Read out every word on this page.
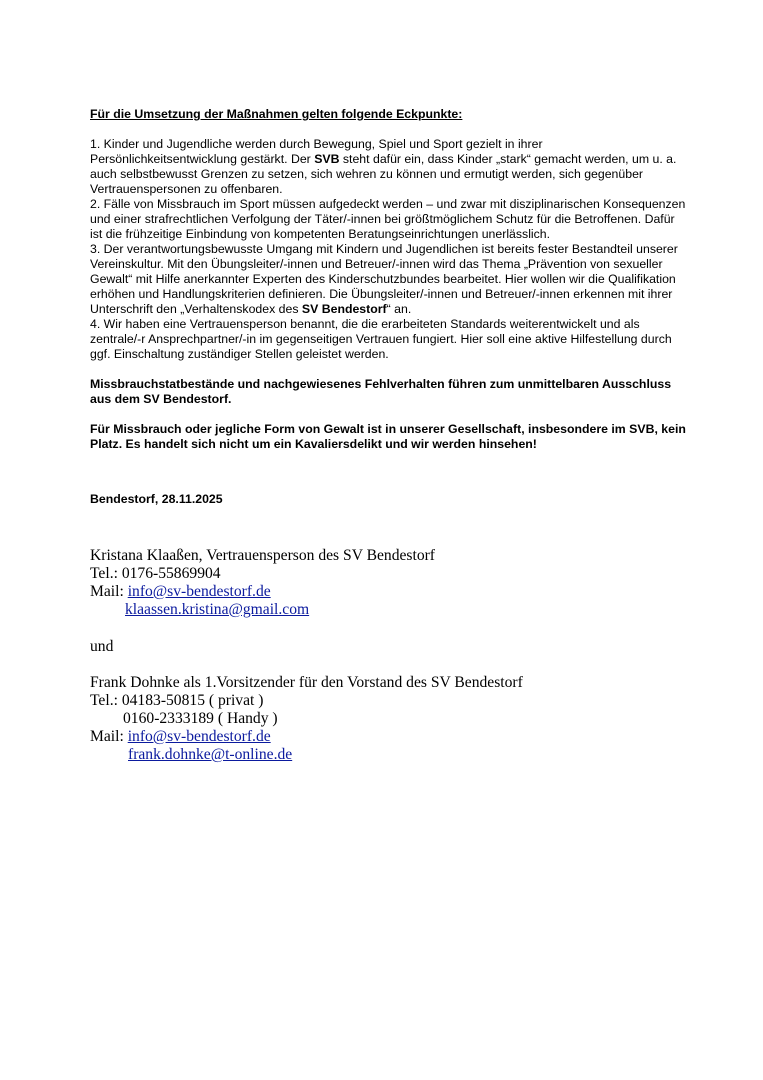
Für die Umsetzung der Maßnahmen gelten folgende Eckpunkte:

1. Kinder und Jugendliche werden durch Bewegung, Spiel und Sport gezielt in ihrer Persönlichkeitsentwicklung gestärkt. Der SVB steht dafür ein, dass Kinder „stark“ gemacht werden, um u. a. auch selbstbewusst Grenzen zu setzen, sich wehren zu können und ermutigt werden, sich gegenüber Vertrauenspersonen zu offenbaren.

2. Fälle von Missbrauch im Sport müssen aufgedeckt werden – und zwar mit disziplinarischen Konsequenzen und einer strafrechtlichen Verfolgung der Täter/-innen bei größtmöglichem Schutz für die Betroffenen. Dafür ist die frühzeitige Einbindung von kompetenten Beratungseinrichtungen unerlässlich.

3. Der verantwortungsbewusste Umgang mit Kindern und Jugendlichen ist bereits fester Bestandteil unserer Vereinskultur. Mit den Übungsleiter/-innen und Betreuer/-innen wird das Thema „Prävention von sexueller Gewalt“ mit Hilfe anerkannter Experten des Kinderschutzbundes bearbeitet. Hier wollen wir die Qualifikation erhöhen und Handlungskriterien definieren. Die Übungsleiter/-innen und Betreuer/-innen erkennen mit ihrer Unterschrift den „Verhaltenskodex des SV Bendestorf“ an.

4. Wir haben eine Vertrauensperson benannt, die die erarbeiteten Standards weiterentwickelt und als zentrale/-r Ansprechpartner/-in im gegenseitigen Vertrauen fungiert. Hier soll eine aktive Hilfestellung durch ggf. Einschaltung zuständiger Stellen geleistet werden.

Missbrauchstatbestände und nachgewiesenes Fehlverhalten führen zum unmittelbaren Ausschluss aus dem SV Bendestorf.

Für Missbrauch oder jegliche Form von Gewalt ist in unserer Gesellschaft, insbesondere im SVB, kein Platz. Es handelt sich nicht um ein Kavaliersdelikt und wir werden hinsehen!

Bendestorf, 28.11.2025

Kristana Klaaßen, Vertrauensperson des SV Bendestorf
Tel.: 0176-55869904
Mail: info@sv-bendestorf.de
klaassen.kristina@gmail.com
und
Frank Dohnke als 1.Vorsitzender für den Vorstand des SV Bendestorf
Tel.: 04183-50815 ( privat )
0160-2333189 ( Handy )
Mail: info@sv-bendestorf.de
frank.dohnke@t-online.de
